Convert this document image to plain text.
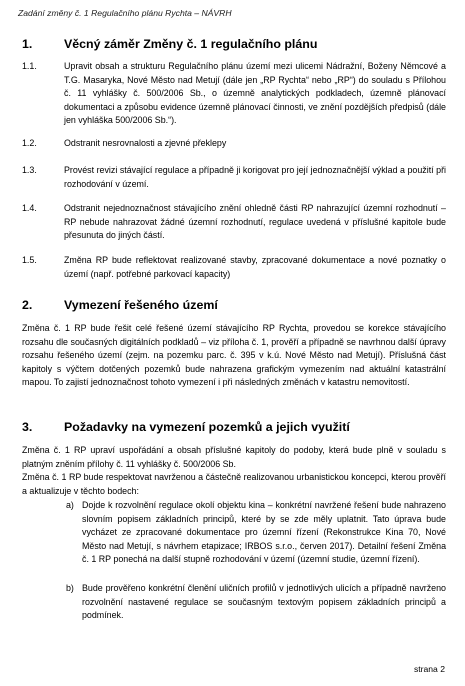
Zadání změny č. 1 Regulačního plánu Rychta – NÁVRH
1.	Věcný záměr Změny č. 1 regulačního plánu
1.1.	Upravit obsah a strukturu Regulačního plánu území mezi ulicemi Nádražní, Boženy Němcové a T.G. Masaryka, Nové Město nad Metují (dále jen „RP Rychta“ nebo „RP“) do souladu s Přílohou č. 11 vyhlášky č. 500/2006 Sb., o územně analytických podkladech, územně plánovací dokumentaci a způsobu evidence územně plánovací činnosti, ve znění pozdějších předpisů (dále jen vyhláška 500/2006 Sb.“).
1.2.	Odstranit nesrovnalosti a zjevné překlepy
1.3.	Provést revizi stávající regulace a případně ji korigovat pro její jednoznačnější výklad a použití při rozhodování v území.
1.4.	Odstranit nejednoznačnost stávajícího znění ohledně části RP nahrazující územní rozhodnutí – RP nebude nahrazovat žádné územní rozhodnutí, regulace uvedená v příslušné kapitole bude přesunuta do jiných částí.
1.5.	Změna RP bude reflektovat realizované stavby, zpracované dokumentace a nové poznatky o území (např. potřebné parkovací kapacity)
2.	Vymezení řešeného území
Změna č. 1 RP bude řešit celé řešené území stávajícího RP Rychta, provedou se korekce stávajícího rozsahu dle současných digitálních podkladů – viz příloha č. 1, prověří a případně se navrhnou další úpravy rozsahu řešeného území (zejm. na pozemku parc. č. 395 v k.ú. Nové Město nad Metují). Příslušná část kapitoly s výčtem dotčených pozemků bude nahrazena grafickým vymezením nad aktuální katastrální mapou. To zajistí jednoznačnost tohoto vymezení i při následných změnách v katastru nemovitostí.
3.	Požadavky na vymezení pozemků a jejich využití
Změna č. 1 RP upraví uspořádání a obsah příslušné kapitoly do podoby, která bude plně v souladu s platným zněním přílohy č. 11 vyhlášky č. 500/2006 Sb.
Změna č. 1 RP bude respektovat navrženou a částečně realizovanou urbanistickou koncepci, kterou prověří a aktualizuje v těchto bodech:
a) Dojde k rozvolnění regulace okolí objektu kina – konkrétní navržené řešení bude nahrazeno slovním popisem základních principů, které by se zde měly uplatnit. Tato úprava bude vycházet ze zpracované dokumentace pro územní řízení (Rekonstrukce Kina 70, Nové Město nad Metují, s návrhem etapizace; IRBOS s.r.o., červen 2017). Detailní řešení Změna č. 1 RP ponechá na další stupně rozhodování v území (územní studie, územní řízení).
b) Bude prověřeno konkrétní členění uličních profilů v jednotlivých ulicích a případně navrženo rozvolnění nastavené regulace se současným textovým popisem základních principů a podmínek.
strana 2
